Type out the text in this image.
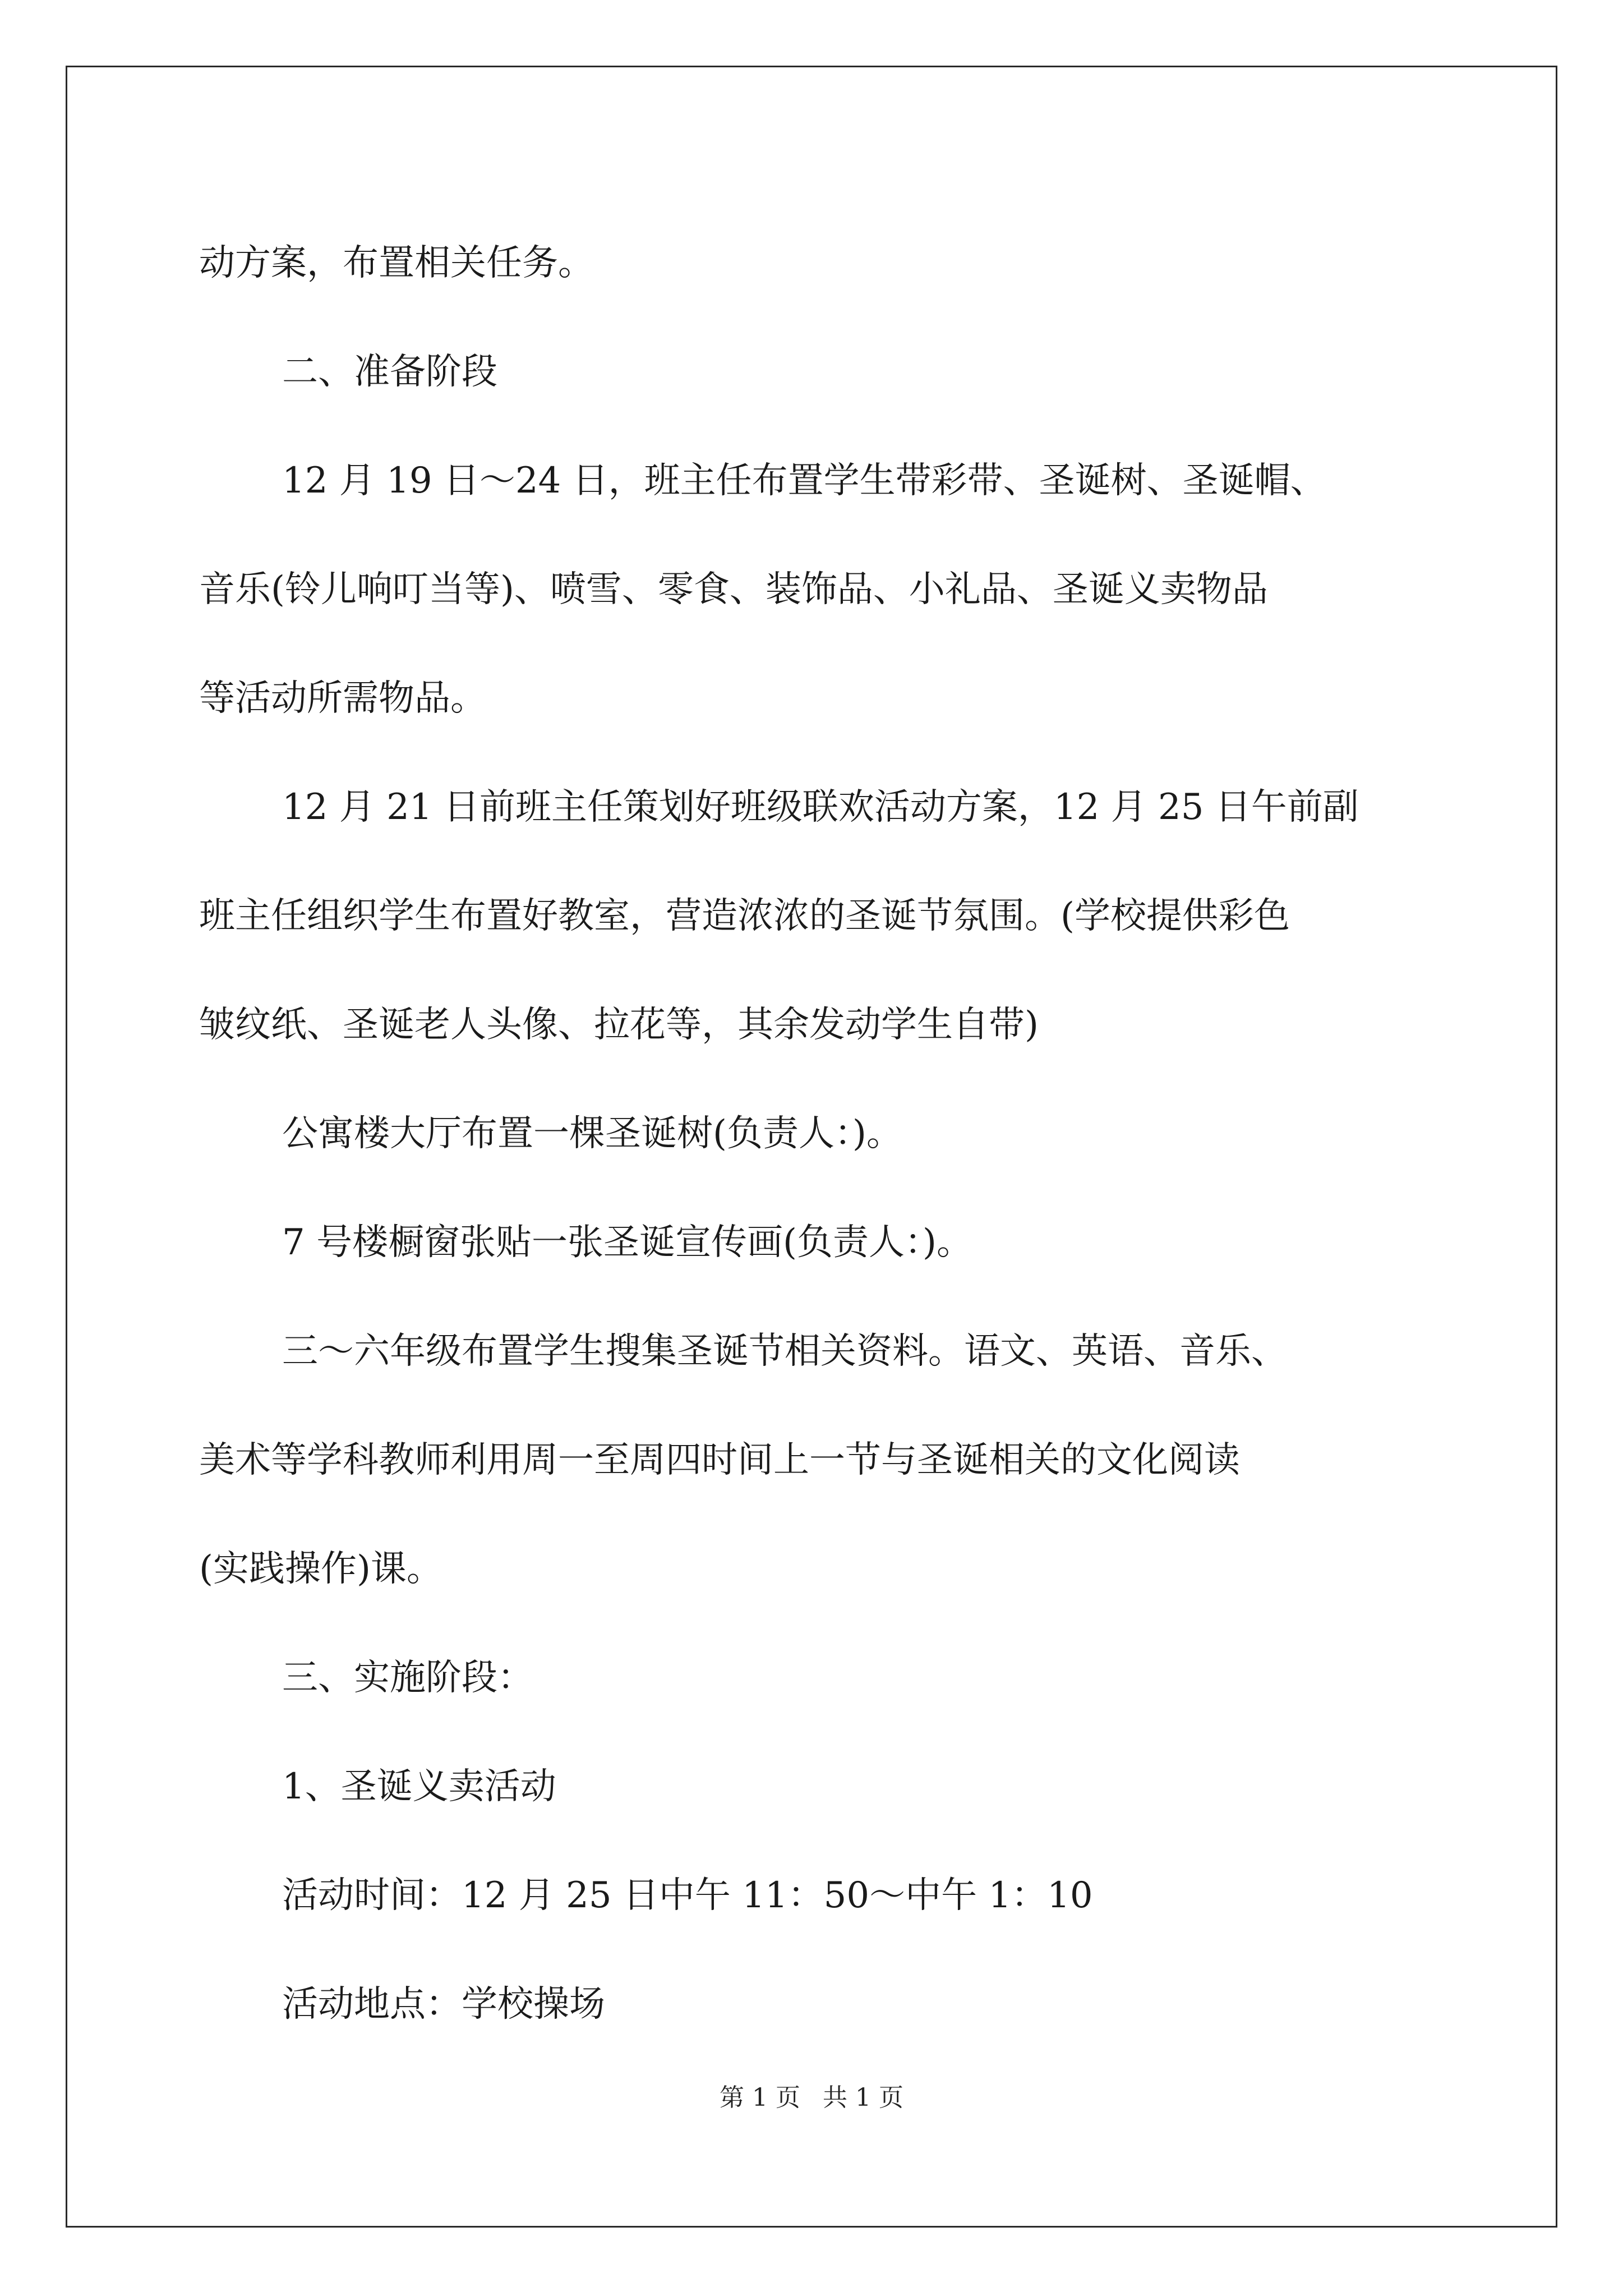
动方案，布置相关任务。

二、准备阶段

12 月 19 日～24 日，班主任布置学生带彩带、圣诞树、圣诞帽、

音乐(铃儿响叮当等)、喷雪、零食、装饰品、小礼品、圣诞义卖物品

等活动所需物品。

12 月 21 日前班主任策划好班级联欢活动方案，12 月 25 日午前副

班主任组织学生布置好教室，营造浓浓的圣诞节氛围。(学校提供彩色

皱纹纸、圣诞老人头像、拉花等，其余发动学生自带)

公寓楼大厅布置一棵圣诞树(负责人：)。

7 号楼橱窗张贴一张圣诞宣传画(负责人：)。

三～六年级布置学生搜集圣诞节相关资料。语文、英语、音乐、

美术等学科教师利用周一至周四时间上一节与圣诞相关的文化阅读

(实践操作)课。

三、实施阶段：

1、圣诞义卖活动

活动时间：12 月 25 日中午 11：50～中午 1：10

活动地点：学校操场

第 1 页 共 1 页
